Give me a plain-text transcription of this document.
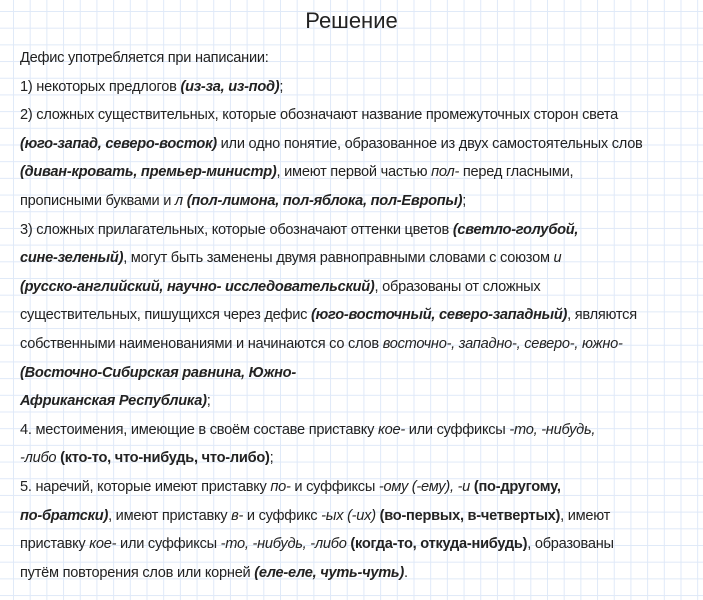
Решение
Дефис употребляется при написании:
1) некоторых предлогов (из-за, из-под);
2) сложных существительных, которые обозначают название промежуточных сторон света
(юго-запад, северо-восток) или одно понятие, образованное из двух самостоятельных слов
(диван-кровать, премьер-министр), имеют первой частью пол- перед гласными,
прописными буквами и л (пол-лимона, пол-яблока, пол-Европы);
3) сложных прилагательных, которые обозначают оттенки цветов (светло-голубой,
сине-зеленый), могут быть заменены двумя равноправными словами с союзом и
(русско-английский, научно- исследовательский), образованы от сложных
существительных, пишущихся через дефис (юго-восточный, северо-западный), являются
собственными наименованиями и начинаются со слов восточно-, западно-, северо-, южно-
(Восточно-Сибирская равнина, Южно-
Африканская Республика);
4. местоимения, имеющие в своём составе приставку кое- или суффиксы -то, -нибудь,
-либо (кто-то, что-нибудь, что-либо);
5. наречий, которые имеют приставку по- и суффиксы -ому (-ему), -и (по-другому,
по-братски), имеют приставку в- и суффикс -ых (-их) (во-первых, в-четвертых), имеют
приставку кое- или суффиксы -то, -нибудь, -либо (когда-то, откуда-нибудь), образованы
путём повторения слов или корней (еле-еле, чуть-чуть).
